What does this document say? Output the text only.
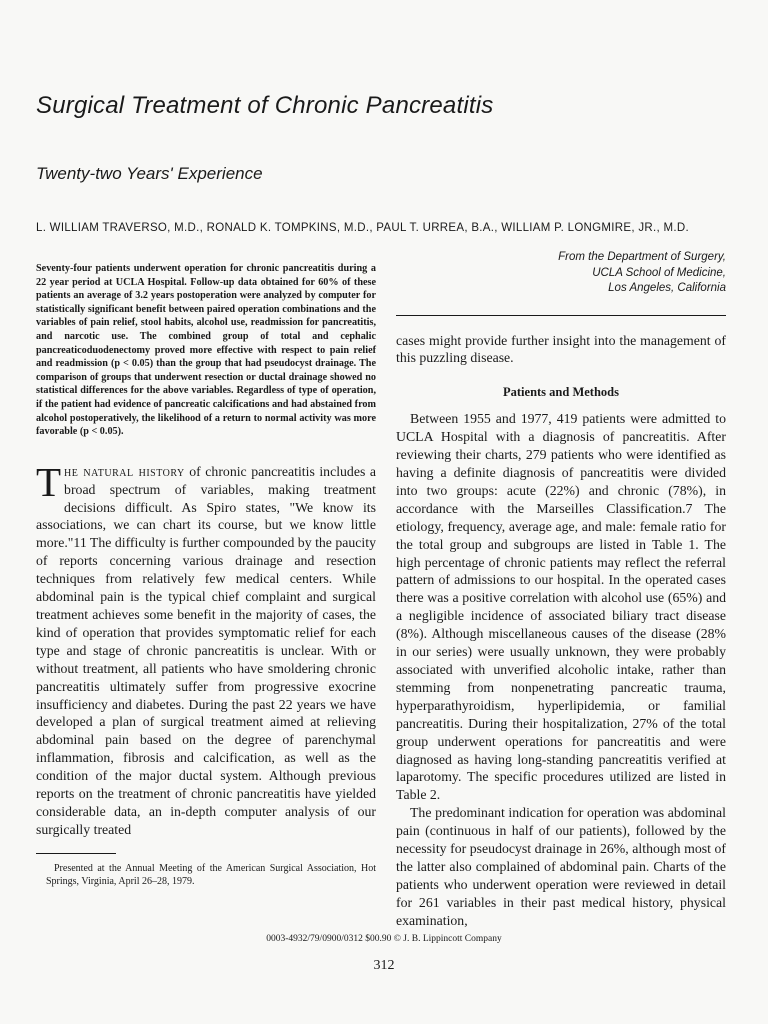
Surgical Treatment of Chronic Pancreatitis
Twenty-two Years' Experience
L. WILLIAM TRAVERSO, M.D., RONALD K. TOMPKINS, M.D., PAUL T. URREA, B.A., WILLIAM P. LONGMIRE, JR., M.D.

Seventy-four patients underwent operation for chronic pancreatitis during a 22 year period at UCLA Hospital. Follow-up data obtained for 60% of these patients an average of 3.2 years postoperation were analyzed by computer for statistically significant benefit between paired operation combinations and the variables of pain relief, stool habits, alcohol use, readmission for pancreatitis, and narcotic use. The combined group of total and cephalic pancreaticoduodenectomy proved more effective with respect to pain relief and readmission (p < 0.05) than the group that had pseudocyst drainage. The comparison of groups that underwent resection or ductal drainage showed no statistical differences for the above variables. Regardless of type of operation, if the patient had evidence of pancreatic calcifications and had abstained from alcohol postoperatively, the likelihood of a return to normal activity was more favorable (p < 0.05).

The natural history of chronic pancreatitis includes a broad spectrum of variables, making treatment decisions difficult. As Spiro states, "We know its associations, we can chart its course, but we know little more."11 The difficulty is further compounded by the paucity of reports concerning various drainage and resection techniques from relatively few medical centers. While abdominal pain is the typical chief complaint and surgical treatment achieves some benefit in the majority of cases, the kind of operation that provides symptomatic relief for each type and stage of chronic pancreatitis is unclear. With or without treatment, all patients who have smoldering chronic pancreatitis ultimately suffer from progressive exocrine insufficiency and diabetes. During the past 22 years we have developed a plan of surgical treatment aimed at relieving abdominal pain based on the degree of parenchymal inflammation, fibrosis and calcification, as well as the condition of the major ductal system. Although previous reports on the treatment of chronic pancreatitis have yielded considerable data, an in-depth computer analysis of our surgically treated

Presented at the Annual Meeting of the American Surgical Association, Hot Springs, Virginia, April 26–28, 1979.

From the Department of Surgery,
UCLA School of Medicine,
Los Angeles, California

cases might provide further insight into the management of this puzzling disease.

Patients and Methods

Between 1955 and 1977, 419 patients were admitted to UCLA Hospital with a diagnosis of pancreatitis. After reviewing their charts, 279 patients who were identified as having a definite diagnosis of pancreatitis were divided into two groups: acute (22%) and chronic (78%), in accordance with the Marseilles Classification.7 The etiology, frequency, average age, and male: female ratio for the total group and subgroups are listed in Table 1. The high percentage of chronic patients may reflect the referral pattern of admissions to our hospital. In the operated cases there was a positive correlation with alcohol use (65%) and a negligible incidence of associated biliary tract disease (8%). Although miscellaneous causes of the disease (28% in our series) were usually unknown, they were probably associated with unverified alcoholic intake, rather than stemming from nonpenetrating pancreatic trauma, hyperparathyroidism, hyperlipidemia, or familial pancreatitis. During their hospitalization, 27% of the total group underwent operations for pancreatitis and were diagnosed as having long-standing pancreatitis verified at laparotomy. The specific procedures utilized are listed in Table 2.

The predominant indication for operation was abdominal pain (continuous in half of our patients), followed by the necessity for pseudocyst drainage in 26%, although most of the latter also complained of abdominal pain. Charts of the patients who underwent operation were reviewed in detail for 261 variables in their past medical history, physical examination,

0003-4932/79/0900/0312 $00.90 © J. B. Lippincott Company
312
